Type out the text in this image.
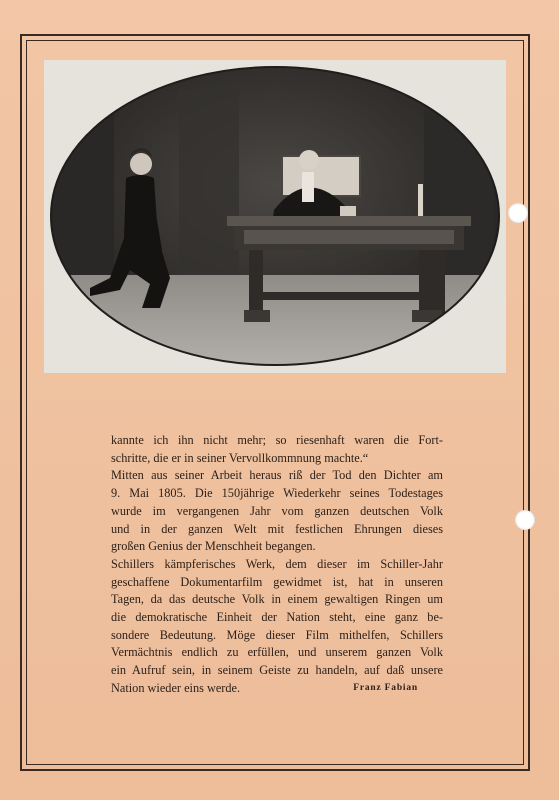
kannte ich ihn nicht mehr; so riesenhaft waren die Fort-
schritte, die er in seiner Vervollkommnung machte.“
Mitten aus seiner Arbeit heraus riß der Tod den Dichter am
9. Mai 1805. Die 150jährige Wiederkehr seines Todestages
wurde im vergangenen Jahr vom ganzen deutschen Volk
und in der ganzen Welt mit festlichen Ehrungen dieses
großen Genius der Menschheit begangen.
Schillers kämpferisches Werk, dem dieser im Schiller-Jahr
geschaffene Dokumentarfilm gewidmet ist, hat in unseren
Tagen, da das deutsche Volk in einem gewaltigen Ringen um
die demokratische Einheit der Nation steht, eine ganz be-
sondere Bedeutung. Möge dieser Film mithelfen, Schillers
Vermächtnis endlich zu erfüllen, und unserem ganzen Volk
ein Aufruf sein, in seinem Geiste zu handeln, auf daß unsere
Nation wieder eins werde.	Franz Fabian
